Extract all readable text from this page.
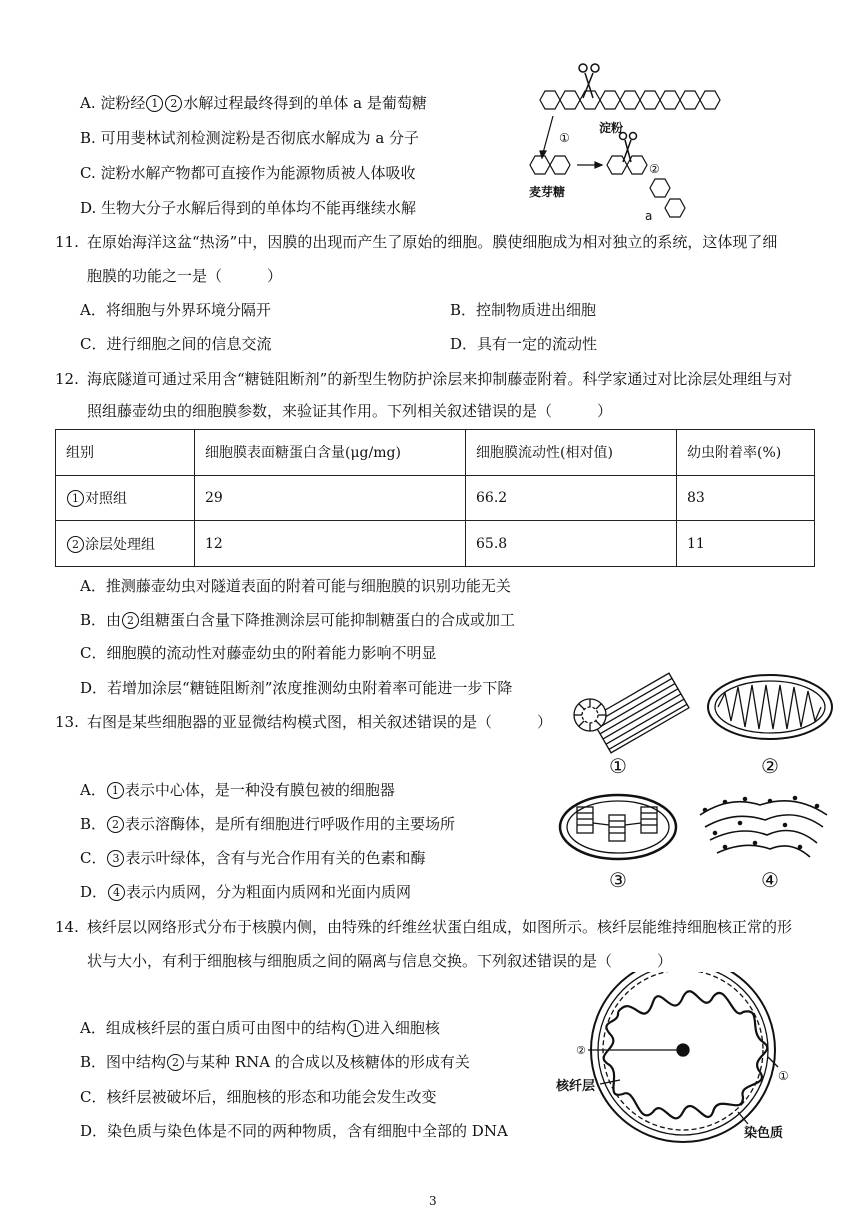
A. 淀粉经 1 2 水解过程最终得到的单体 a 是葡萄糖
B. 可用斐林试剂检测淀粉是否彻底水解成为 a 分子
C. 淀粉水解产物都可直接作为能源物质被人体吸收
D. 生物大分子水解后得到的单体均不能再继续水解
①
淀粉
麦芽糖
②
a
11. 在原始海洋这盆“热汤”中，因膜的出现而产生了原始的细胞。膜使细胞成为相对独立的系统，这体现了细
胞膜的功能之一是（　　　）
A．将细胞与外界环境分隔开	B．控制物质进出细胞
C．进行细胞之间的信息交流	D．具有一定的流动性
12. 海底隧道可通过采用含“糖链阻断剂”的新型生物防护涂层来抑制藤壶附着。科学家通过对比涂层处理组与对
照组藤壶幼虫的细胞膜参数，来验证其作用。下列相关叙述错误的是（　　　）
组别	细胞膜表面糖蛋白含量(μg/mg)	细胞膜流动性(相对值)	幼虫附着率(%)
1 对照组	29	66.2	83
2 涂层处理组	12	65.8	11
A．推测藤壶幼虫对隧道表面的附着可能与细胞膜的识别功能无关
B．由 2 组糖蛋白含量下降推测涂层可能抑制糖蛋白的合成或加工
C．细胞膜的流动性对藤壶幼虫的附着能力影响不明显
D．若增加涂层“糖链阻断剂”浓度推测幼虫附着率可能进一步下降
13. 右图是某些细胞器的亚显微结构模式图，相关叙述错误的是（　　　）
A． 1 表示中心体，是一种没有膜包被的细胞器
B． 2 表示溶酶体，是所有细胞进行呼吸作用的主要场所
C． 3 表示叶绿体，含有与光合作用有关的色素和酶
D． 4 表示内质网，分为粗面内质网和光面内质网
①	②
③	④
14. 核纤层以网络形式分布于核膜内侧，由特殊的纤维丝状蛋白组成，如图所示。核纤层能维持细胞核正常的形
状与大小，有利于细胞核与细胞质之间的隔离与信息交换。下列叙述错误的是（　　　）
A．组成核纤层的蛋白质可由图中的结构 1 进入细胞核
B．图中结构 2 与某种 RNA 的合成以及核糖体的形成有关
C．核纤层被破坏后，细胞核的形态和功能会发生改变
D．染色质与染色体是不同的两种物质，含有细胞中全部的 DNA
②
核纤层
①
染色质
3
